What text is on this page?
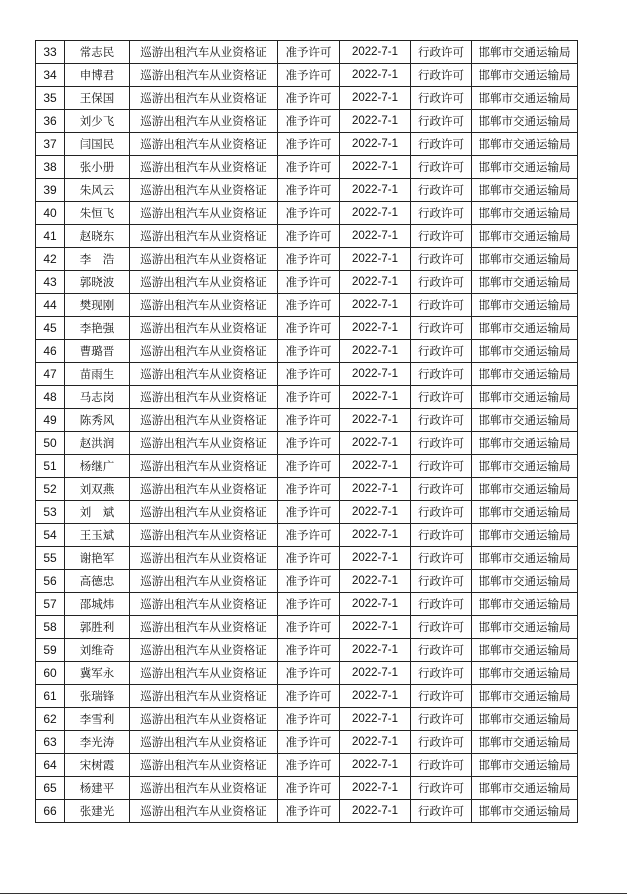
33	常志民	巡游出租汽车从业资格证	准予许可	2022-7-1	行政许可	邯郸市交通运输局
34	申博君	巡游出租汽车从业资格证	准予许可	2022-7-1	行政许可	邯郸市交通运输局
35	王保国	巡游出租汽车从业资格证	准予许可	2022-7-1	行政许可	邯郸市交通运输局
36	刘少飞	巡游出租汽车从业资格证	准予许可	2022-7-1	行政许可	邯郸市交通运输局
37	闫国民	巡游出租汽车从业资格证	准予许可	2022-7-1	行政许可	邯郸市交通运输局
38	张小册	巡游出租汽车从业资格证	准予许可	2022-7-1	行政许可	邯郸市交通运输局
39	朱风云	巡游出租汽车从业资格证	准予许可	2022-7-1	行政许可	邯郸市交通运输局
40	朱恒飞	巡游出租汽车从业资格证	准予许可	2022-7-1	行政许可	邯郸市交通运输局
41	赵晓东	巡游出租汽车从业资格证	准予许可	2022-7-1	行政许可	邯郸市交通运输局
42	李　浩	巡游出租汽车从业资格证	准予许可	2022-7-1	行政许可	邯郸市交通运输局
43	郭晓波	巡游出租汽车从业资格证	准予许可	2022-7-1	行政许可	邯郸市交通运输局
44	樊现刚	巡游出租汽车从业资格证	准予许可	2022-7-1	行政许可	邯郸市交通运输局
45	李艳强	巡游出租汽车从业资格证	准予许可	2022-7-1	行政许可	邯郸市交通运输局
46	曹璐晋	巡游出租汽车从业资格证	准予许可	2022-7-1	行政许可	邯郸市交通运输局
47	苗雨生	巡游出租汽车从业资格证	准予许可	2022-7-1	行政许可	邯郸市交通运输局
48	马志岗	巡游出租汽车从业资格证	准予许可	2022-7-1	行政许可	邯郸市交通运输局
49	陈秀风	巡游出租汽车从业资格证	准予许可	2022-7-1	行政许可	邯郸市交通运输局
50	赵洪润	巡游出租汽车从业资格证	准予许可	2022-7-1	行政许可	邯郸市交通运输局
51	杨继广	巡游出租汽车从业资格证	准予许可	2022-7-1	行政许可	邯郸市交通运输局
52	刘双燕	巡游出租汽车从业资格证	准予许可	2022-7-1	行政许可	邯郸市交通运输局
53	刘　斌	巡游出租汽车从业资格证	准予许可	2022-7-1	行政许可	邯郸市交通运输局
54	王玉斌	巡游出租汽车从业资格证	准予许可	2022-7-1	行政许可	邯郸市交通运输局
55	谢艳军	巡游出租汽车从业资格证	准予许可	2022-7-1	行政许可	邯郸市交通运输局
56	高德忠	巡游出租汽车从业资格证	准予许可	2022-7-1	行政许可	邯郸市交通运输局
57	邵城炜	巡游出租汽车从业资格证	准予许可	2022-7-1	行政许可	邯郸市交通运输局
58	郭胜利	巡游出租汽车从业资格证	准予许可	2022-7-1	行政许可	邯郸市交通运输局
59	刘维奇	巡游出租汽车从业资格证	准予许可	2022-7-1	行政许可	邯郸市交通运输局
60	冀军永	巡游出租汽车从业资格证	准予许可	2022-7-1	行政许可	邯郸市交通运输局
61	张瑞锋	巡游出租汽车从业资格证	准予许可	2022-7-1	行政许可	邯郸市交通运输局
62	李雪利	巡游出租汽车从业资格证	准予许可	2022-7-1	行政许可	邯郸市交通运输局
63	李光涛	巡游出租汽车从业资格证	准予许可	2022-7-1	行政许可	邯郸市交通运输局
64	宋树霞	巡游出租汽车从业资格证	准予许可	2022-7-1	行政许可	邯郸市交通运输局
65	杨建平	巡游出租汽车从业资格证	准予许可	2022-7-1	行政许可	邯郸市交通运输局
66	张建光	巡游出租汽车从业资格证	准予许可	2022-7-1	行政许可	邯郸市交通运输局
